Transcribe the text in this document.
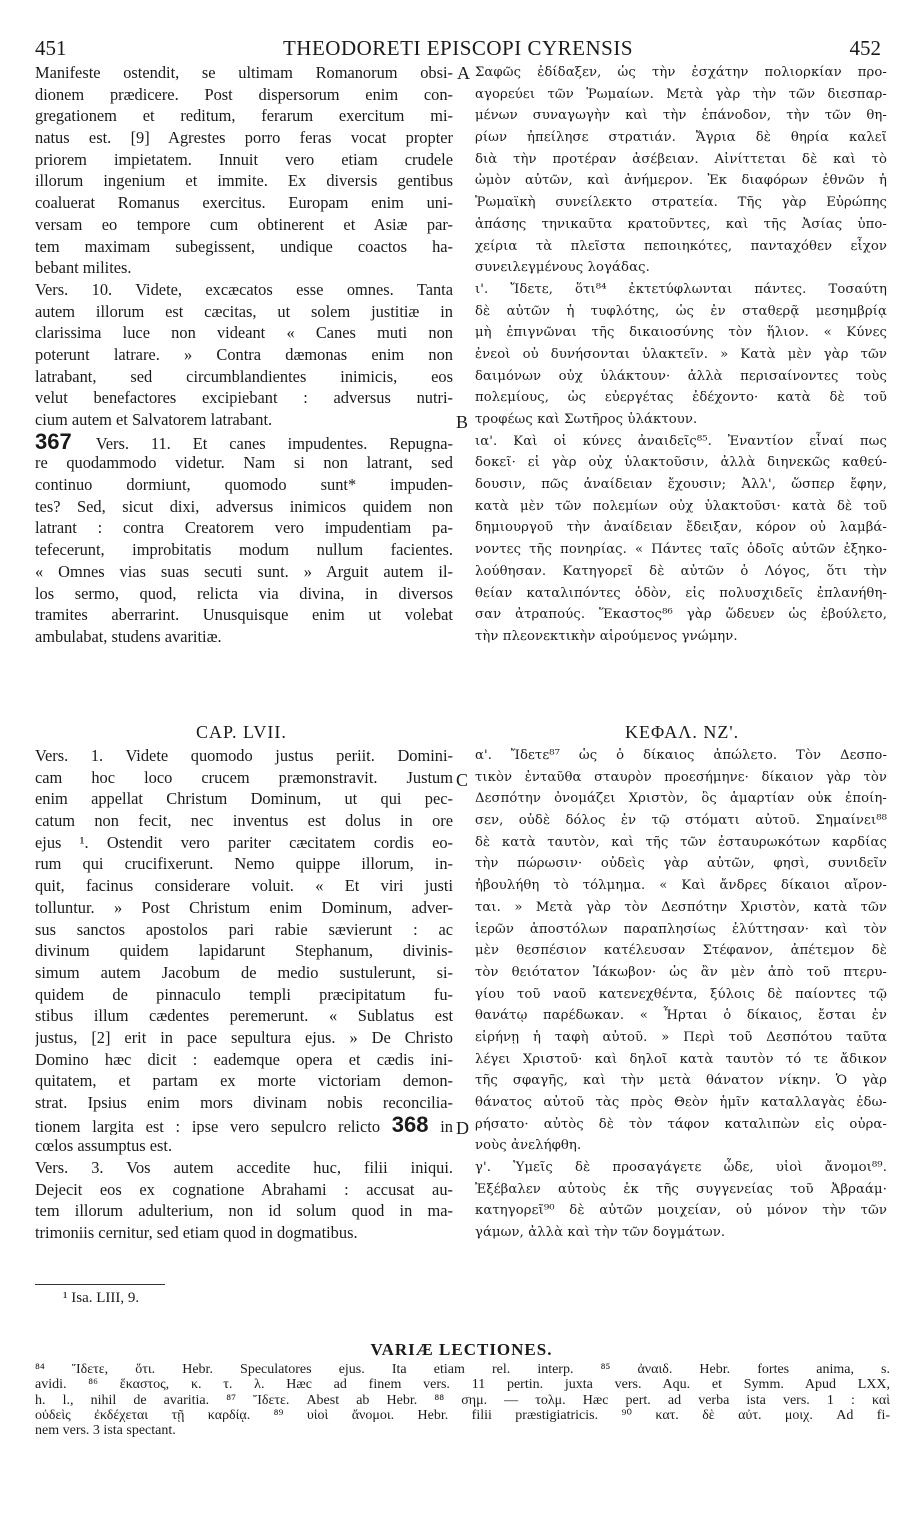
451	THEODORETI EPISCOPI CYRENSIS	452
A
B
C
D
Manifeste ostendit, se ultimam Romanorum obsi-
dionem prædicere. Post dispersorum enim con-
gregationem et reditum, ferarum exercitum mi-
natus est. [9] Agrestes porro feras vocat propter
priorem impietatem. Innuit vero etiam crudele
illorum ingenium et immite. Ex diversis gentibus
coaluerat Romanus exercitus. Europam enim uni-
versam eo tempore cum obtinerent et Asiæ par-
tem maximam subegissent, undique coactos ha-
bebant milites.
Vers. 10. Videte, excæcatos esse omnes. Tanta
autem illorum est cæcitas, ut solem justitiæ in
clarissima luce non videant « Canes muti non
poterunt latrare. » Contra dæmonas enim non
latrabant, sed circumblandientes inimicis, eos
velut benefactores excipiebant : adversus nutri-
cium autem et Salvatorem latrabant.
367 Vers. 11. Et canes impudentes. Repugna-
re quodammodo videtur. Nam si non latrant, sed
continuo dormiunt, quomodo sunt* impuden-
tes? Sed, sicut dixi, adversus inimicos quidem non
latrant : contra Creatorem vero impudentiam pa-
tefecerunt, improbitatis modum nullum facientes.
« Omnes vias suas secuti sunt. » Arguit autem il-
los sermo, quod, relicta via divina, in diversos
tramites aberrarint. Unusquisque enim ut volebat
ambulabat, studens avaritiæ.
Σαφῶς ἐδίδαξεν, ὡς τὴν ἐσχάτην πολιορκίαν προ-
αγορεύει τῶν Ῥωμαίων. Μετὰ γὰρ τὴν τῶν διεσπαρ-
μένων συναγωγὴν καὶ τὴν ἐπάνοδον, τὴν τῶν θη-
ρίων ἠπείλησε στρατιάν. Ἄγρια δὲ θηρία καλεῖ
διὰ τὴν προτέραν ἀσέβειαν. Αἰνίττεται δὲ καὶ τὸ
ὠμὸν αὐτῶν, καὶ ἀνήμερον. Ἐκ διαφόρων ἐθνῶν ἡ
Ῥωμαϊκὴ συνείλεκτο στρατεία. Τῆς γὰρ Εὐρώπης
ἁπάσης τηνικαῦτα κρατοῦντες, καὶ τῆς Ἀσίας ὑπο-
χείρια τὰ πλεῖστα πεποιηκότες, πανταχόθεν εἶχον
συνειλεγμένους λογάδας.
ι'. Ἴδετε, ὅτι⁸⁴ ἐκτετύφλωνται πάντες. Τοσαύτη
δὲ αὐτῶν ἡ τυφλότης, ὡς ἐν σταθερᾷ μεσημβρίᾳ
μὴ ἐπιγνῶναι τῆς δικαιοσύνης τὸν ἥλιον. « Κύνες
ἐνεοὶ οὐ δυνήσονται ὑλακτεῖν. » Κατὰ μὲν γὰρ τῶν
δαιμόνων οὐχ ὑλάκτουν· ἀλλὰ περισαίνοντες τοὺς
πολεμίους, ὡς εὐεργέτας ἐδέχοντο· κατὰ δὲ τοῦ
τροφέως καὶ Σωτῆρος ὑλάκτουν.
ια'. Καὶ οἱ κύνες ἀναιδεῖς⁸⁵. Ἐναντίον εἶναί πως
δοκεῖ· εἰ γὰρ οὐχ ὑλακτοῦσιν, ἀλλὰ διηνεκῶς καθεύ-
δουσιν, πῶς ἀναίδειαν ἔχουσιν; Ἀλλ', ὥσπερ ἔφην,
κατὰ μὲν τῶν πολεμίων οὐχ ὑλακτοῦσι· κατὰ δὲ τοῦ
δημιουργοῦ τὴν ἀναίδειαν ἔδειξαν, κόρον οὐ λαμβά-
νοντες τῆς πονηρίας. « Πάντες ταῖς ὁδοῖς αὐτῶν ἐξηκο-
λούθησαν. Κατηγορεῖ δὲ αὐτῶν ὁ Λόγος, ὅτι τὴν
θείαν καταλιπόντες ὁδὸν, εἰς πολυσχιδεῖς ἐπλανήθη-
σαν ἀτραπούς. Ἕκαστος⁸⁶ γὰρ ὥδευεν ὡς ἐβούλετο,
τὴν πλεονεκτικὴν αἱρούμενος γνώμην.
CAP. LVII.	ΚΕΦΑΛ. ΝΖ'.
Vers. 1. Videte quomodo justus periit. Domini-
cam hoc loco crucem præmonstravit. Justum
enim appellat Christum Dominum, ut qui pec-
catum non fecit, nec inventus est dolus in ore
ejus ¹. Ostendit vero pariter cæcitatem cordis eo-
rum qui crucifixerunt. Nemo quippe illorum, in-
quit, facinus considerare voluit. « Et viri justi
tolluntur. » Post Christum enim Dominum, adver-
sus sanctos apostolos pari rabie sævierunt : ac
divinum quidem lapidarunt Stephanum, divinis-
simum autem Jacobum de medio sustulerunt, si-
quidem de pinnaculo templi præcipitatum fu-
stibus illum cædentes peremerunt. « Sublatus est
justus, [2] erit in pace sepultura ejus. » De Christo
Domino hæc dicit : eademque opera et cædis ini-
quitatem, et partam ex morte victoriam demon-
strat. Ipsius enim mors divinam nobis reconcilia-
tionem largita est : ipse vero sepulcro relicto 368 in
cœlos assumptus est.
Vers. 3. Vos autem accedite huc, filii iniqui.
Dejecit eos ex cognatione Abrahami : accusat au-
tem illorum adulterium, non id solum quod in ma-
trimoniis cernitur, sed etiam quod in dogmatibus.
α'. Ἴδετε⁸⁷ ὡς ὁ δίκαιος ἀπώλετο. Τὸν Δεσπο-
τικὸν ἐνταῦθα σταυρὸν προεσήμηνε· δίκαιον γὰρ τὸν
Δεσπότην ὀνομάζει Χριστὸν, ὃς ἁμαρτίαν οὐκ ἐποίη-
σεν, οὐδὲ δόλος ἐν τῷ στόματι αὐτοῦ. Σημαίνει⁸⁸
δὲ κατὰ ταυτὸν, καὶ τῆς τῶν ἐσταυρωκότων καρδίας
τὴν πώρωσιν· οὐδεὶς γὰρ αὐτῶν, φησὶ, συνιδεῖν
ἠβουλήθη τὸ τόλμημα. « Καὶ ἄνδρες δίκαιοι αἴρον-
ται. » Μετὰ γὰρ τὸν Δεσπότην Χριστὸν, κατὰ τῶν
ἱερῶν ἀποστόλων παραπλησίως ἐλύττησαν· καὶ τὸν
μὲν θεσπέσιον κατέλευσαν Στέφανον, ἀπέτεμον δὲ
τὸν θειότατον Ἰάκωβον· ὡς ἂν μὲν ἀπὸ τοῦ πτερυ-
γίου τοῦ ναοῦ κατενεχθέντα, ξύλοις δὲ παίοντες τῷ
θανάτῳ παρέδωκαν. « Ἦρται ὁ δίκαιος, ἔσται ἐν
εἰρήνῃ ἡ ταφὴ αὐτοῦ. » Περὶ τοῦ Δεσπότου ταῦτα
λέγει Χριστοῦ· καὶ δηλοῖ κατὰ ταυτὸν τό τε ἄδικον
τῆς σφαγῆς, καὶ τὴν μετὰ θάνατον νίκην. Ὁ γὰρ
θάνατος αὐτοῦ τὰς πρὸς Θεὸν ἡμῖν καταλλαγὰς ἐδω-
ρήσατο· αὐτὸς δὲ τὸν τάφον καταλιπὼν εἰς οὐρα-
νοὺς ἀνελήφθη.
γ'. Ὑμεῖς δὲ προσαγάγετε ὧδε, υἱοὶ ἄνομοι⁸⁹.
Ἐξέβαλεν αὐτοὺς ἐκ τῆς συγγενείας τοῦ Ἀβραάμ·
κατηγορεῖ⁹⁰ δὲ αὐτῶν μοιχείαν, οὐ μόνον τὴν τῶν
γάμων, ἀλλὰ καὶ τὴν τῶν δογμάτων.
¹ Isa. LIII, 9.
VARIÆ LECTIONES.
⁸⁴ Ἴδετε, ὅτι. Hebr. Speculatores ejus. Ita etiam rel. interp. ⁸⁵ ἀναιδ. Hebr. fortes anima, s.
avidi. ⁸⁶ ἕκαστος, κ. τ. λ. Hæc ad finem vers. 11 pertin. juxta vers. Aqu. et Symm. Apud LXX,
h. l., nihil de avaritia. ⁸⁷ Ἴδετε. Abest ab Hebr. ⁸⁸ σημ. — τολμ. Hæc pert. ad verba ista vers. 1 : καὶ
οὐδεὶς ἐκδέχεται τῇ καρδίᾳ. ⁸⁹ υἱοὶ ἄνομοι. Hebr. filii præstigiatricis. ⁹⁰ κατ. δὲ αὐτ. μοιχ. Ad fi-
nem vers. 3 ista spectant.
